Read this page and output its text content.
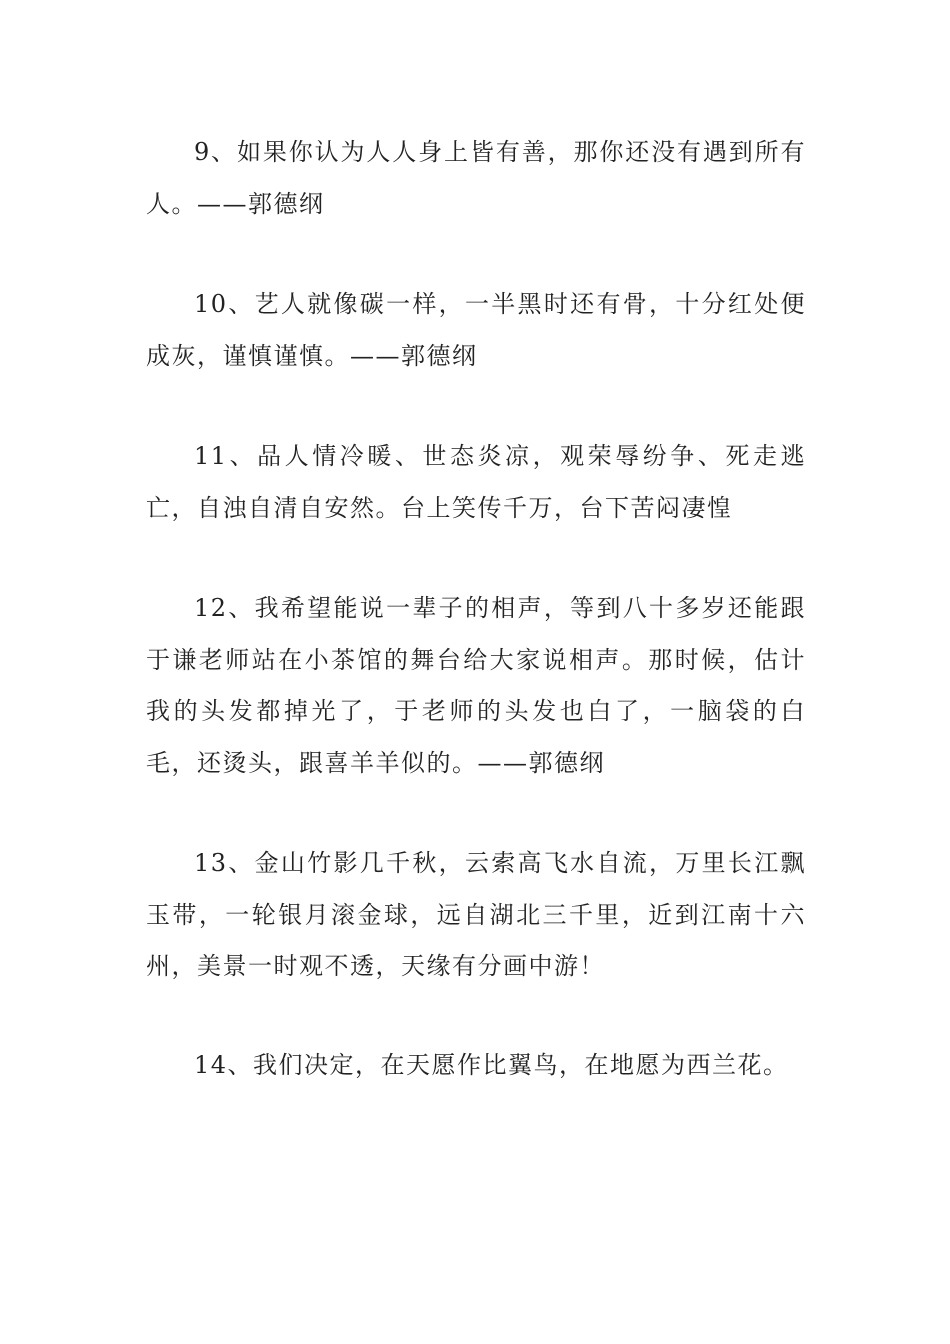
9、如果你认为人人身上皆有善，那你还没有遇到所有人。——郭德纲

10、艺人就像碳一样，一半黑时还有骨，十分红处便成灰，谨慎谨慎。——郭德纲

11、品人情冷暖、世态炎凉，观荣辱纷争、死走逃亡，自浊自清自安然。台上笑传千万，台下苦闷凄惶

12、我希望能说一辈子的相声，等到八十多岁还能跟于谦老师站在小茶馆的舞台给大家说相声。那时候，估计我的头发都掉光了，于老师的头发也白了，一脑袋的白毛，还烫头，跟喜羊羊似的。——郭德纲

13、金山竹影几千秋，云索高飞水自流，万里长江飘玉带，一轮银月滚金球，远自湖北三千里，近到江南十六州，美景一时观不透，天缘有分画中游！

14、我们决定，在天愿作比翼鸟，在地愿为西兰花。
